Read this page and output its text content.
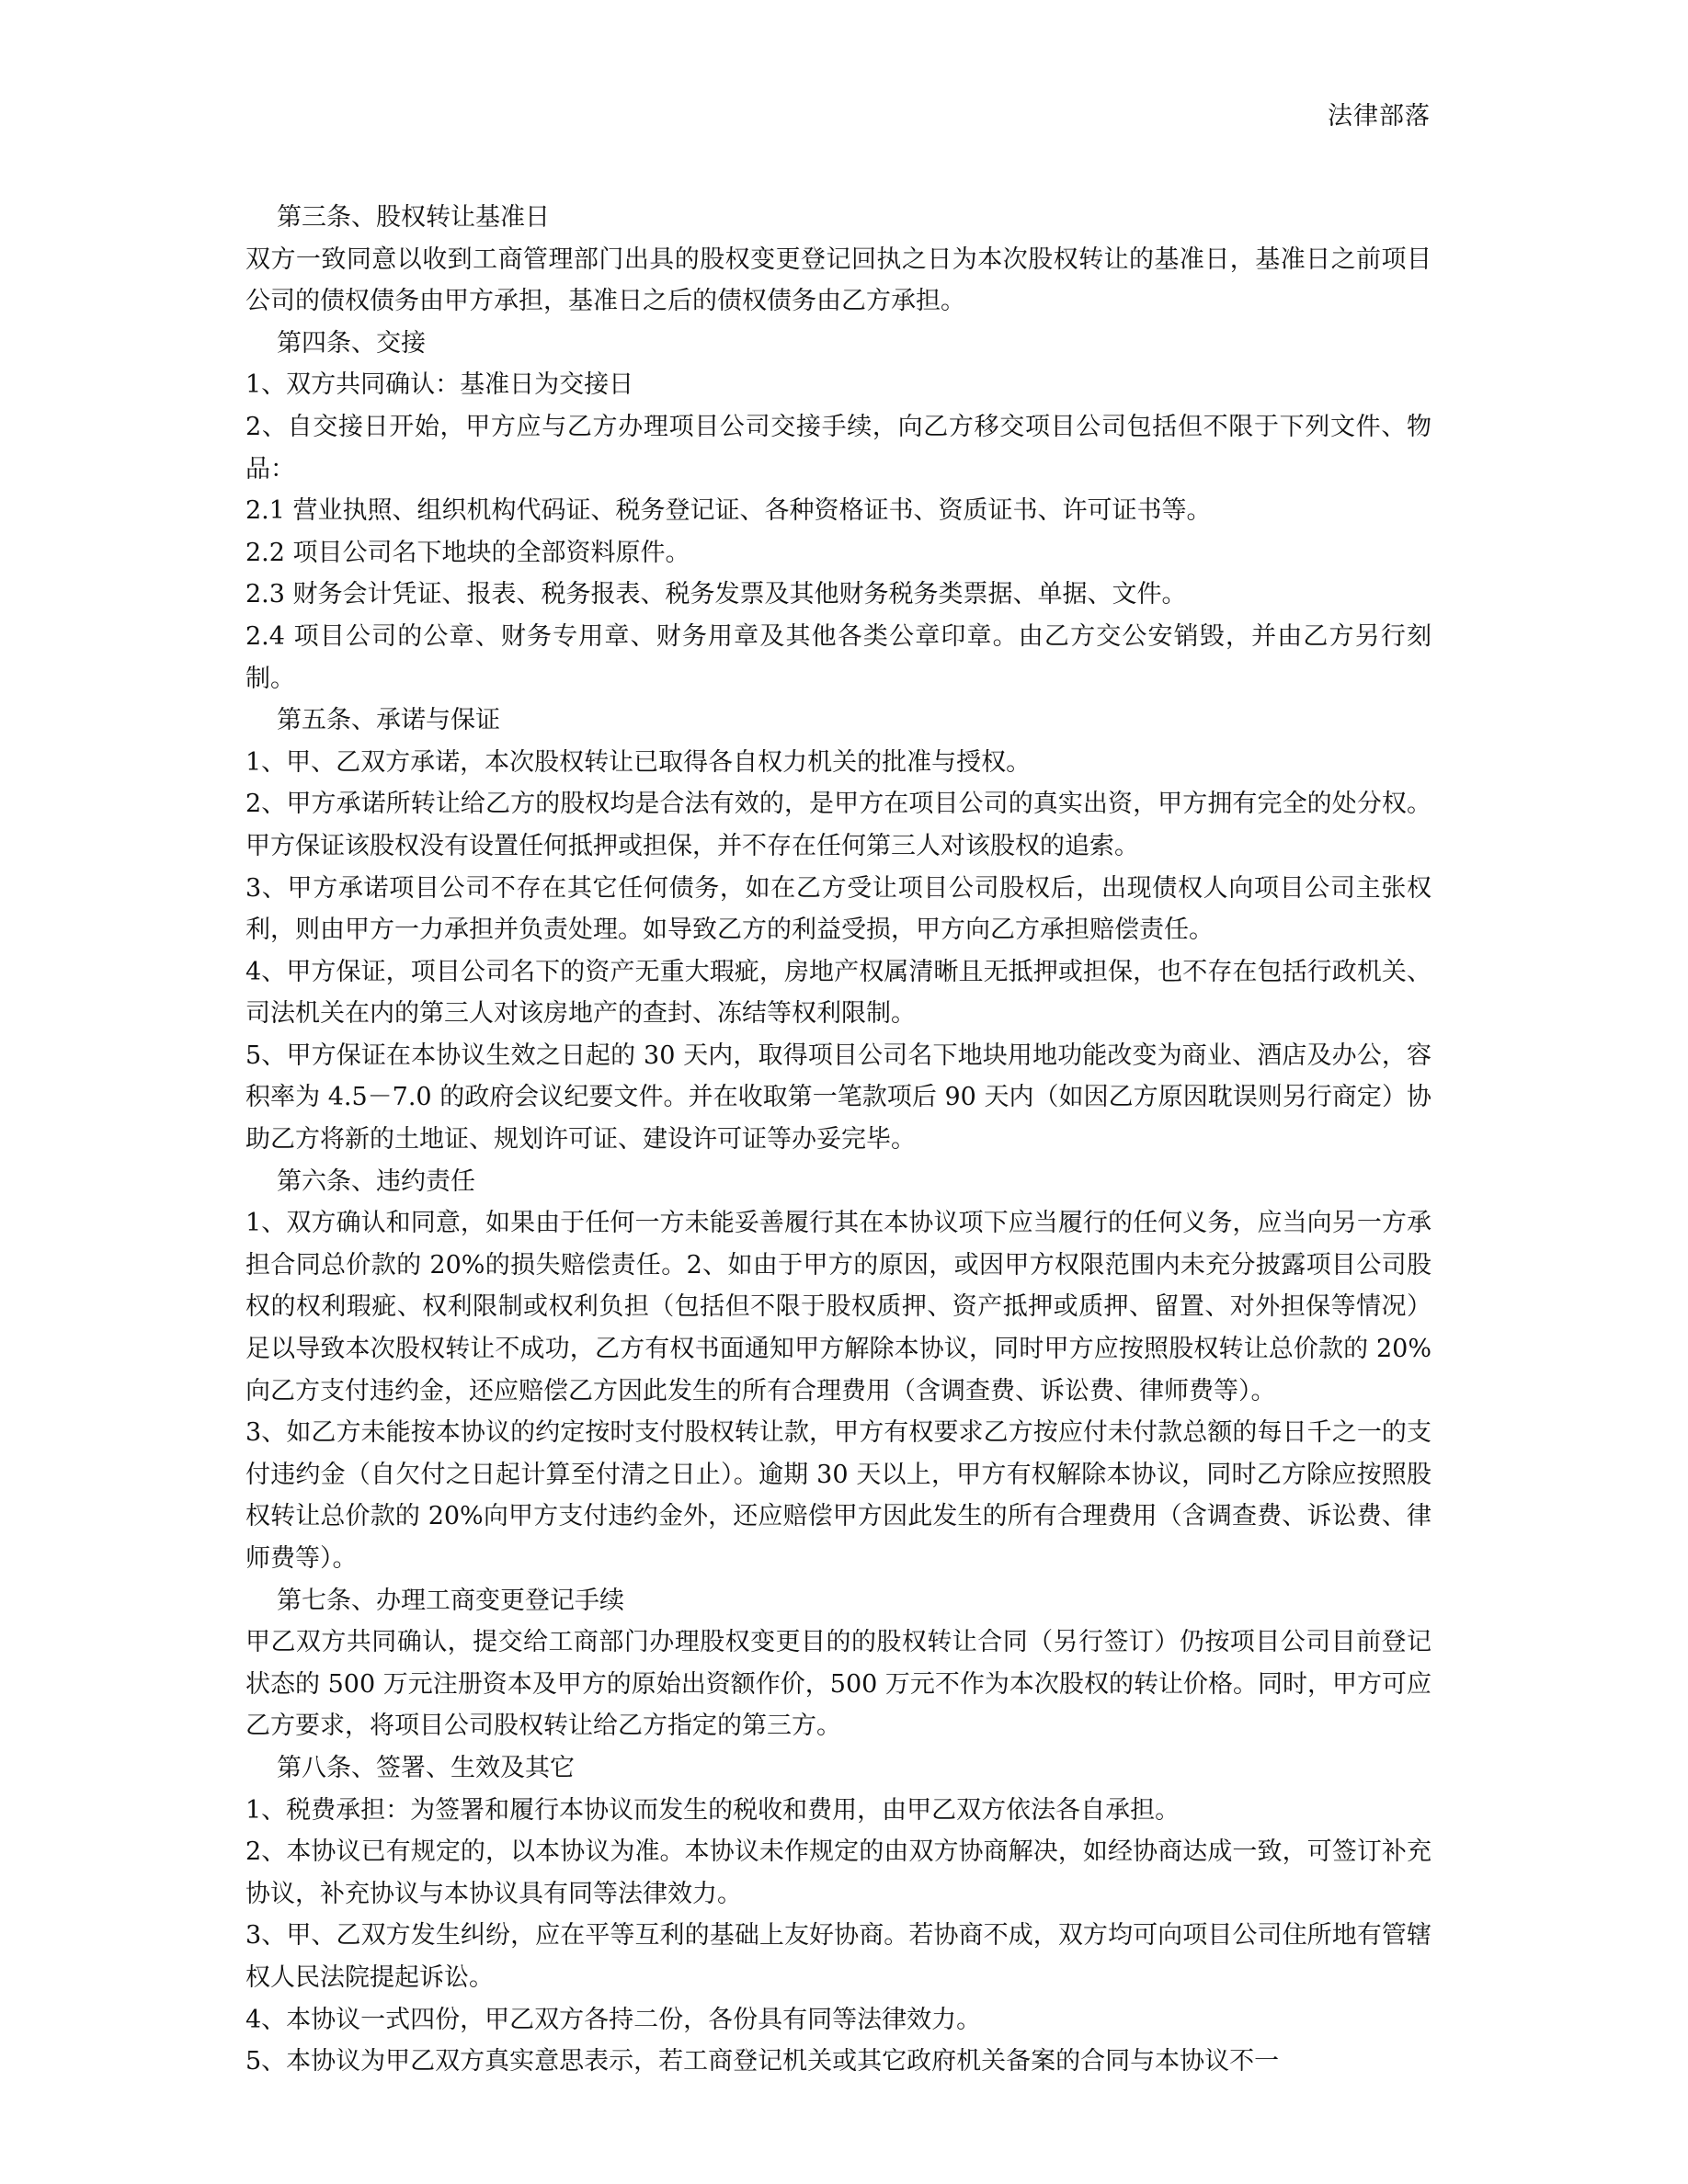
法律部落

第三条、股权转让基准日

双方一致同意以收到工商管理部门出具的股权变更登记回执之日为本次股权转让的基准日，基准日之前项目公司的债权债务由甲方承担，基准日之后的债权债务由乙方承担。

第四条、交接

1、双方共同确认：基准日为交接日

2、自交接日开始，甲方应与乙方办理项目公司交接手续，向乙方移交项目公司包括但不限于下列文件、物品：

2.1 营业执照、组织机构代码证、税务登记证、各种资格证书、资质证书、许可证书等。

2.2 项目公司名下地块的全部资料原件。

2.3 财务会计凭证、报表、税务报表、税务发票及其他财务税务类票据、单据、文件。

2.4 项目公司的公章、财务专用章、财务用章及其他各类公章印章。由乙方交公安销毁，并由乙方另行刻制。

第五条、承诺与保证

1、甲、乙双方承诺，本次股权转让已取得各自权力机关的批准与授权。

2、甲方承诺所转让给乙方的股权均是合法有效的，是甲方在项目公司的真实出资，甲方拥有完全的处分权。甲方保证该股权没有设置任何抵押或担保，并不存在任何第三人对该股权的追索。

3、甲方承诺项目公司不存在其它任何债务，如在乙方受让项目公司股权后，出现债权人向项目公司主张权利，则由甲方一力承担并负责处理。如导致乙方的利益受损，甲方向乙方承担赔偿责任。

4、甲方保证，项目公司名下的资产无重大瑕疵，房地产权属清晰且无抵押或担保，也不存在包括行政机关、司法机关在内的第三人对该房地产的查封、冻结等权利限制。

5、甲方保证在本协议生效之日起的 30 天内，取得项目公司名下地块用地功能改变为商业、酒店及办公，容积率为 4.5－7.0 的政府会议纪要文件。并在收取第一笔款项后 90 天内（如因乙方原因耽误则另行商定）协助乙方将新的土地证、规划许可证、建设许可证等办妥完毕。

第六条、违约责任

1、双方确认和同意，如果由于任何一方未能妥善履行其在本协议项下应当履行的任何义务，应当向另一方承担合同总价款的 20%的损失赔偿责任。2、如由于甲方的原因，或因甲方权限范围内未充分披露项目公司股权的权利瑕疵、权利限制或权利负担（包括但不限于股权质押、资产抵押或质押、留置、对外担保等情况）足以导致本次股权转让不成功，乙方有权书面通知甲方解除本协议，同时甲方应按照股权转让总价款的 20%向乙方支付违约金，还应赔偿乙方因此发生的所有合理费用（含调查费、诉讼费、律师费等）。

3、如乙方未能按本协议的约定按时支付股权转让款，甲方有权要求乙方按应付未付款总额的每日千之一的支付违约金（自欠付之日起计算至付清之日止）。逾期 30 天以上，甲方有权解除本协议，同时乙方除应按照股权转让总价款的 20%向甲方支付违约金外，还应赔偿甲方因此发生的所有合理费用（含调查费、诉讼费、律师费等）。

第七条、办理工商变更登记手续

甲乙双方共同确认，提交给工商部门办理股权变更目的的股权转让合同（另行签订）仍按项目公司目前登记状态的 500 万元注册资本及甲方的原始出资额作价，500 万元不作为本次股权的转让价格。同时，甲方可应乙方要求，将项目公司股权转让给乙方指定的第三方。

第八条、签署、生效及其它

1、税费承担：为签署和履行本协议而发生的税收和费用，由甲乙双方依法各自承担。

2、本协议已有规定的，以本协议为准。本协议未作规定的由双方协商解决，如经协商达成一致，可签订补充协议，补充协议与本协议具有同等法律效力。

3、甲、乙双方发生纠纷，应在平等互利的基础上友好协商。若协商不成，双方均可向项目公司住所地有管辖权人民法院提起诉讼。

4、本协议一式四份，甲乙双方各持二份，各份具有同等法律效力。

5、本协议为甲乙双方真实意思表示，若工商登记机关或其它政府机关备案的合同与本协议不一
